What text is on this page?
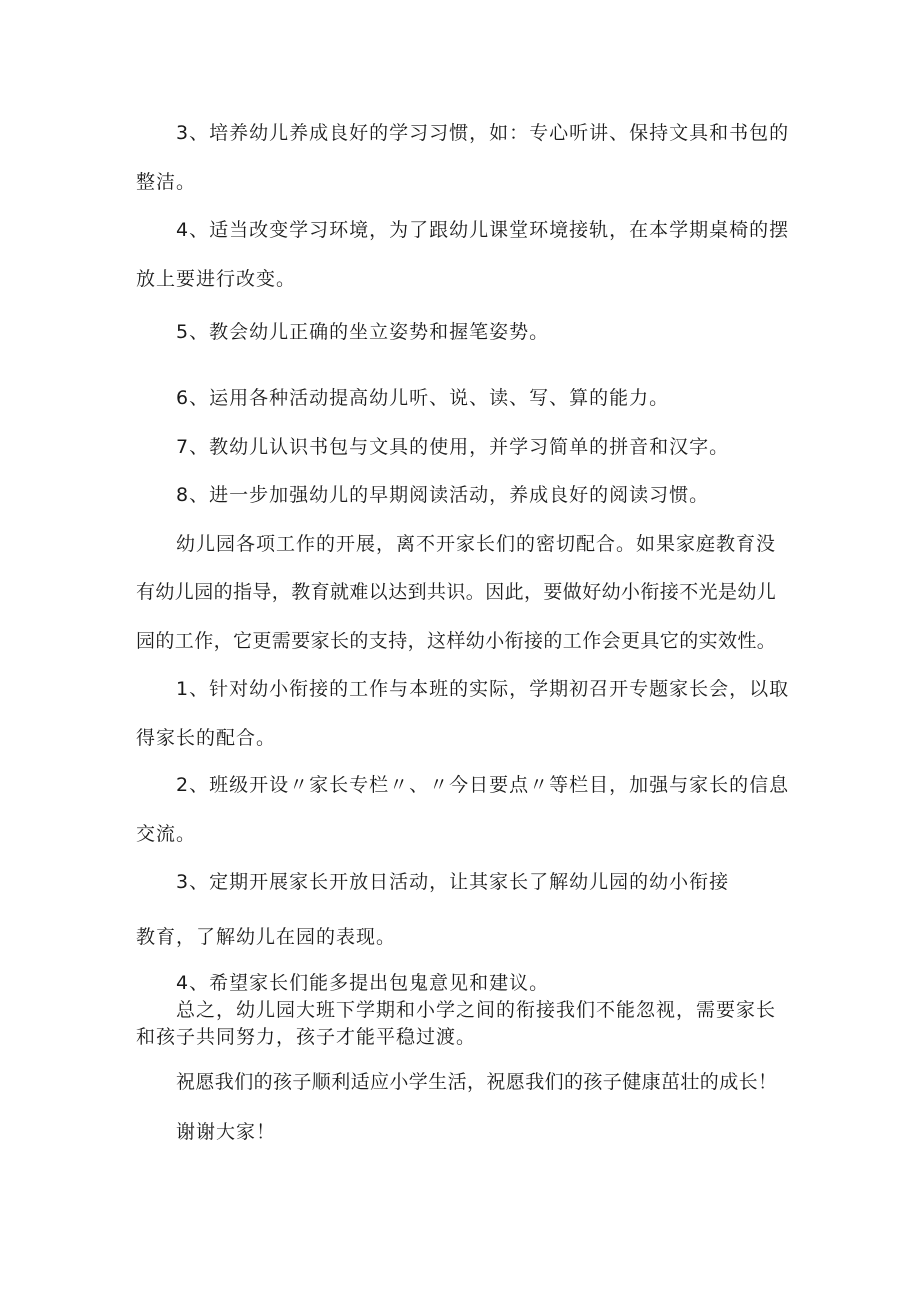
3、培养幼儿养成良好的学习习惯，如：专心听讲、保持文具和书包的

整洁。

4、适当改变学习环境，为了跟幼儿课堂环境接轨，在本学期桌椅的摆

放上要进行改变。

5、教会幼儿正确的坐立姿势和握笔姿势。

6、运用各种活动提高幼儿听、说、读、写、算的能力。

7、教幼儿认识书包与文具的使用，并学习简单的拼音和汉字。

8、进一步加强幼儿的早期阅读活动，养成良好的阅读习惯。

幼儿园各项工作的开展，离不开家长们的密切配合。如果家庭教育没

有幼儿园的指导，教育就难以达到共识。因此，要做好幼小衔接不光是幼儿

园的工作，它更需要家长的支持，这样幼小衔接的工作会更具它的实效性。

1、针对幼小衔接的工作与本班的实际，学期初召开专题家长会，以取

得家长的配合。

2、班级开设〃家长专栏〃、〃今日要点〃等栏目，加强与家长的信息

交流。

3、定期开展家长开放日活动，让其家长了解幼儿园的幼小衔接

教育，了解幼儿在园的表现。

4、希望家长们能多提出包鬼意见和建议。

总之，幼儿园大班下学期和小学之间的衔接我们不能忽视，需要家长

和孩子共同努力，孩子才能平稳过渡。

祝愿我们的孩子顺利适应小学生活，祝愿我们的孩子健康茁壮的成长！

谢谢大家！
